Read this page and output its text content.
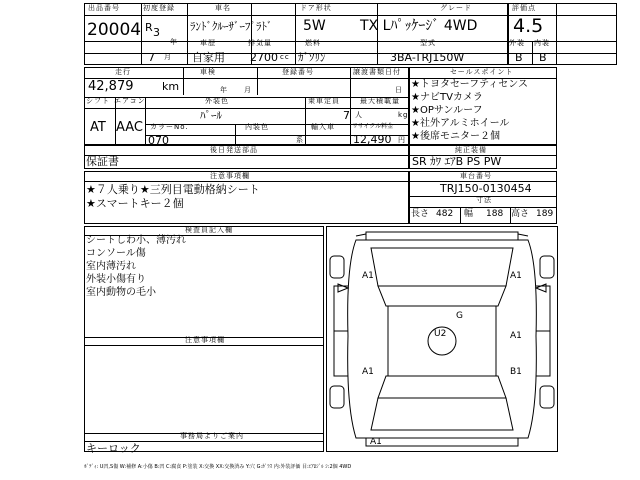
出品番号
20004
初度登録
R 3
年
7 月
車名
ﾗﾝﾄﾞｸﾙｰｻﾞｰﾌﾟﾗﾄﾞ
ドア形状
5W
グレード
TX Lﾊﾟｯｹｰｼﾞ 4WD
車歴
自家用
排気量
2700 cc
燃料
ｶﾞｿﾘﾝ
型式
3BA-TRJ150W
評価点
4.5
外装 内装
B B
走行
42,879	km
車検
年 月
登録番号	譲渡書類日付
日
シフト エアコン
AT AAC
外装色
ﾊﾟｰﾙ
乗車定員
7 人
最大積載量
kg
カラーNo.
070
内装色
系
輸入車	リサイクル料金
12,490 円
セールスポイント
★トヨタセーフティセンス
★ナビTVカメラ
★OPサンルーフ
★社外アルミホイール
★後席モニター２個
後日発送部品
保証書
純正装備
SR ｶﾜ ｴｱB PS PW
注意事項欄
★７人乗り★三列目電動格納シート
★スマートキー２個
車台番号
TRJ150-0130454
寸法
長さ 482 幅 188 高さ 189
検査員記入欄
シートしわ小、薄汚れ
コンソール傷
室内薄汚れ
外装小傷有り
室内動物の毛小
注意事項欄
事務局よりご案内
キーロック
A1	A1
G
U2	A1
A1	B1
A1
ﾎﾞﾃﾞｨ: U凹,S傷 W:補修 A:小傷 B:凹 C:腐食 P:塗装 X:交換 XX:交換済み Y:穴 G:ｶﾞﾗｽ 内:外装評価 目:ｴｱﾛｼﾞﾙ ｼ:2個 4WD
